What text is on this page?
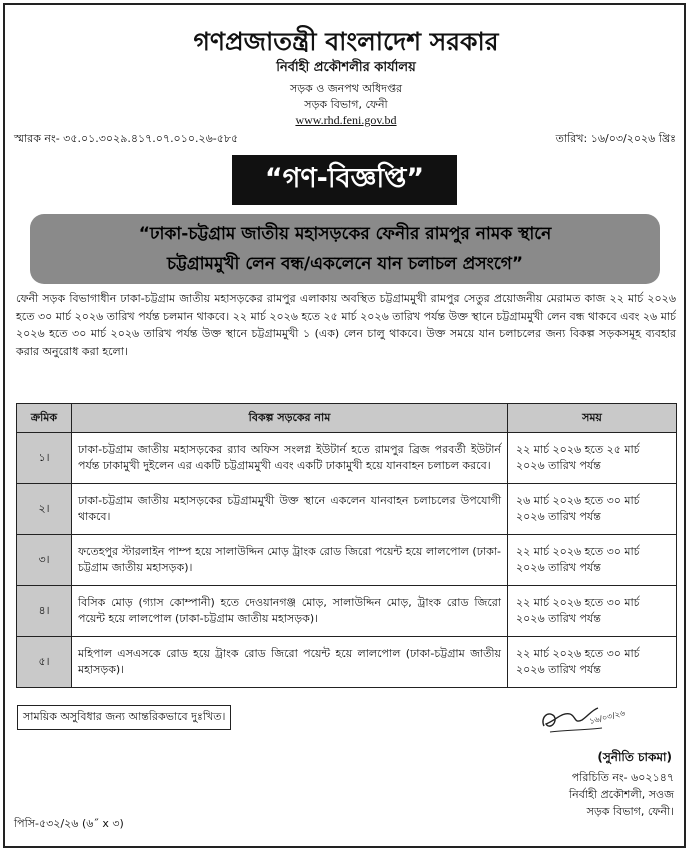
গণপ্রজাতন্ত্রী বাংলাদেশ সরকার
নির্বাহী প্রকৌশলীর কার্যালয়
সড়ক ও জনপথ অধিদপ্তর
সড়ক বিভাগ, ফেনী
www.rhd.feni.gov.bd
স্মারক নং- ৩৫.০১.৩০২৯.৪১৭.০৭.০১০.২৬-৫৮৫	তারিখ: ১৬/০৩/২০২৬ খ্রিঃ
“গণ-বিজ্ঞপ্তি”
“ঢাকা-চট্টগ্রাম জাতীয় মহাসড়কের ফেনীর রামপুর নামক স্থানে
চট্টগ্রামমুখী লেন বন্ধ/একলেনে যান চলাচল প্রসংগে”
ফেনী সড়ক বিভাগাধীন ঢাকা-চট্টগ্রাম জাতীয় মহাসড়কের রামপুর এলাকায় অবস্থিত চট্টগ্রামমুখী রামপুর সেতুর প্রয়োজনীয় মেরামত কাজ ২২ মার্চ ২০২৬ হতে ৩০ মার্চ ২০২৬ তারিখ পর্যন্ত চলমান থাকবে। ২২ মার্চ ২০২৬ হতে ২৫ মার্চ ২০২৬ তারিখ পর্যন্ত উক্ত স্থানে চট্টগ্রামমুখী লেন বন্ধ থাকবে এবং ২৬ মার্চ ২০২৬ হতে ৩০ মার্চ ২০২৬ তারিখ পর্যন্ত উক্ত স্থানে চট্টগ্রামমুখী ১ (এক) লেন চালু থাকবে। উক্ত সময়ে যান চলাচলের জন্য বিকল্প সড়কসমূহ ব্যবহার করার অনুরোধ করা হলো।
ক্রমিক	বিকল্প সড়কের নাম	সময়
১।	ঢাকা-চট্টগ্রাম জাতীয় মহাসড়কের র‍্যাব অফিস সংলগ্ন ইউটার্ন হতে রামপুর ব্রিজ পরবর্তী ইউটার্ন পর্যন্ত ঢাকামুখী দুইলেন এর একটি চট্টগ্রামমুখী এবং একটি ঢাকামুখী হয়ে যানবাহন চলাচল করবে।	২২ মার্চ ২০২৬ হতে ২৫ মার্চ ২০২৬ তারিখ পর্যন্ত
২।	ঢাকা-চট্টগ্রাম জাতীয় মহাসড়কের চট্টগ্রামমুখী উক্ত স্থানে একলেন যানবাহন চলাচলের উপযোগী থাকবে।	২৬ মার্চ ২০২৬ হতে ৩০ মার্চ ২০২৬ তারিখ পর্যন্ত
৩।	ফতেহপুর স্টারলাইন পাম্প হয়ে সালাউদ্দিন মোড় ট্রাংক রোড জিরো পয়েন্ট হয়ে লালপোল (ঢাকা-চট্টগ্রাম জাতীয় মহাসড়ক)।	২২ মার্চ ২০২৬ হতে ৩০ মার্চ ২০২৬ তারিখ পর্যন্ত
৪।	বিসিক মোড় (গ্যাস কোম্পানী) হতে দেওয়ানগঞ্জ মোড়, সালাউদ্দিন মোড়, ট্রাংক রোড জিরো পয়েন্ট হয়ে লালপোল (ঢাকা-চট্টগ্রাম জাতীয় মহাসড়ক)।	২২ মার্চ ২০২৬ হতে ৩০ মার্চ ২০২৬ তারিখ পর্যন্ত
৫।	মহিপাল এসএসকে রোড হয়ে ট্রাংক রোড জিরো পয়েন্ট হয়ে লালপোল (ঢাকা-চট্টগ্রাম জাতীয় মহাসড়ক)।	২২ মার্চ ২০২৬ হতে ৩০ মার্চ ২০২৬ তারিখ পর্যন্ত
সাময়িক অসুবিধার জন্য আন্তরিকভাবে দুঃখিত।	১৬/০৩/২৬
(সুনীতি চাকমা)
পরিচিতি নং- ৬০২১৪৭
নির্বাহী প্রকৌশলী, সওজ
সড়ক বিভাগ, ফেনী।
পিসি-৫৩২/২৬ (৬˝ x ৩)
